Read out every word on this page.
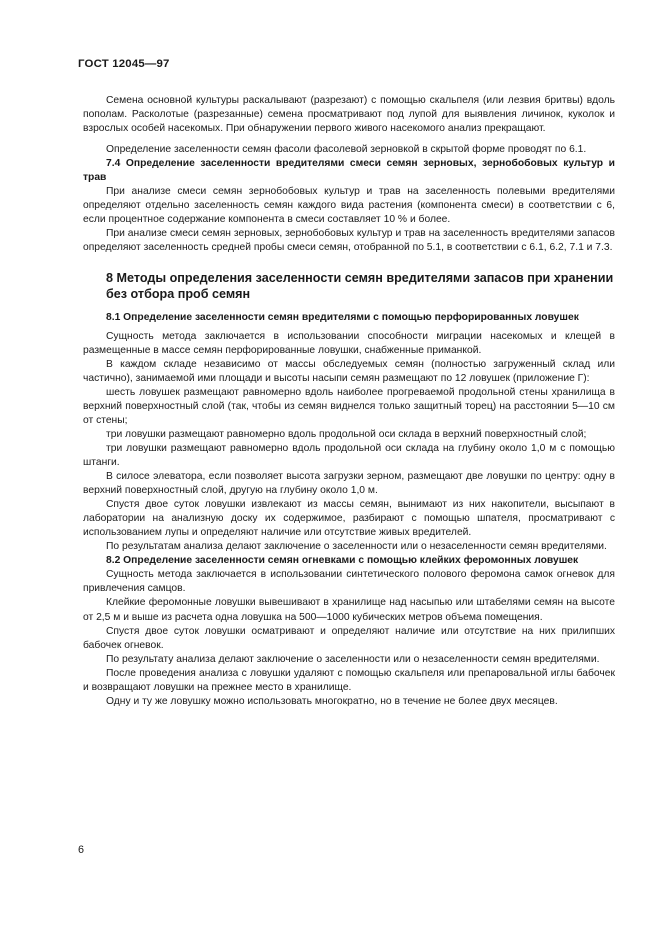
ГОСТ 12045—97

Семена основной культуры раскалывают (разрезают) с помощью скальпеля (или лезвия бритвы) вдоль пополам. Расколотые (разрезанные) семена просматривают под лупой для выявления личинок, куколок и взрослых особей насекомых. При обнаружении первого живого насекомого анализ прекращают.

Определение заселенности семян фасоли фасолевой зерновкой в скрытой форме проводят по 6.1.

7.4 Определение заселенности вредителями смеси семян зерновых, зернобобовых культур и трав

При анализе смеси семян зернобобовых культур и трав на заселенность полевыми вредителями определяют отдельно заселенность семян каждого вида растения (компонента смеси) в соответствии с 6, если процентное содержание компонента в смеси составляет 10 % и более.

При анализе смеси семян зерновых, зернобобовых культур и трав на заселенность вредителями запасов определяют заселенность средней пробы смеси семян, отобранной по 5.1, в соответствии с 6.1, 6.2, 7.1 и 7.3.

8 Методы определения заселенности семян вредителями запасов при хранении без отбора проб семян

8.1 Определение заселенности семян вредителями с помощью перфорированных ловушек

Сущность метода заключается в использовании способности миграции насекомых и клещей в размещенные в массе семян перфорированные ловушки, снабженные приманкой.

В каждом складе независимо от массы обследуемых семян (полностью загруженный склад или частично), занимаемой ими площади и высоты насыпи семян размещают по 12 ловушек (приложение Г):

шесть ловушек размещают равномерно вдоль наиболее прогреваемой продольной стены хранилища в верхний поверхностный слой (так, чтобы из семян виднелся только защитный торец) на расстоянии 5—10 см от стены;

три ловушки размещают равномерно вдоль продольной оси склада в верхний поверхностный слой;

три ловушки размещают равномерно вдоль продольной оси склада на глубину около 1,0 м с помощью штанги.

В силосе элеватора, если позволяет высота загрузки зерном, размещают две ловушки по центру: одну в верхний поверхностный слой, другую на глубину около 1,0 м.

Спустя двое суток ловушки извлекают из массы семян, вынимают из них накопители, высыпают в лаборатории на анализную доску их содержимое, разбирают с помощью шпателя, просматривают с использованием лупы и определяют наличие или отсутствие живых вредителей.

По результатам анализа делают заключение о заселенности или о незаселенности семян вредителями.

8.2 Определение заселенности семян огневками с помощью клейких феромонных ловушек

Сущность метода заключается в использовании синтетического полового феромона самок огневок для привлечения самцов.

Клейкие феромонные ловушки вывешивают в хранилище над насыпью или штабелями семян на высоте от 2,5 м и выше из расчета одна ловушка на 500—1000 кубических метров объема помещения.

Спустя двое суток ловушки осматривают и определяют наличие или отсутствие на них прилипших бабочек огневок.

По результату анализа делают заключение о заселенности или о незаселенности семян вредителями.

После проведения анализа с ловушки удаляют с помощью скальпеля или препаровальной иглы бабочек и возвращают ловушки на прежнее место в хранилище.

Одну и ту же ловушку можно использовать многократно, но в течение не более двух месяцев.

6
